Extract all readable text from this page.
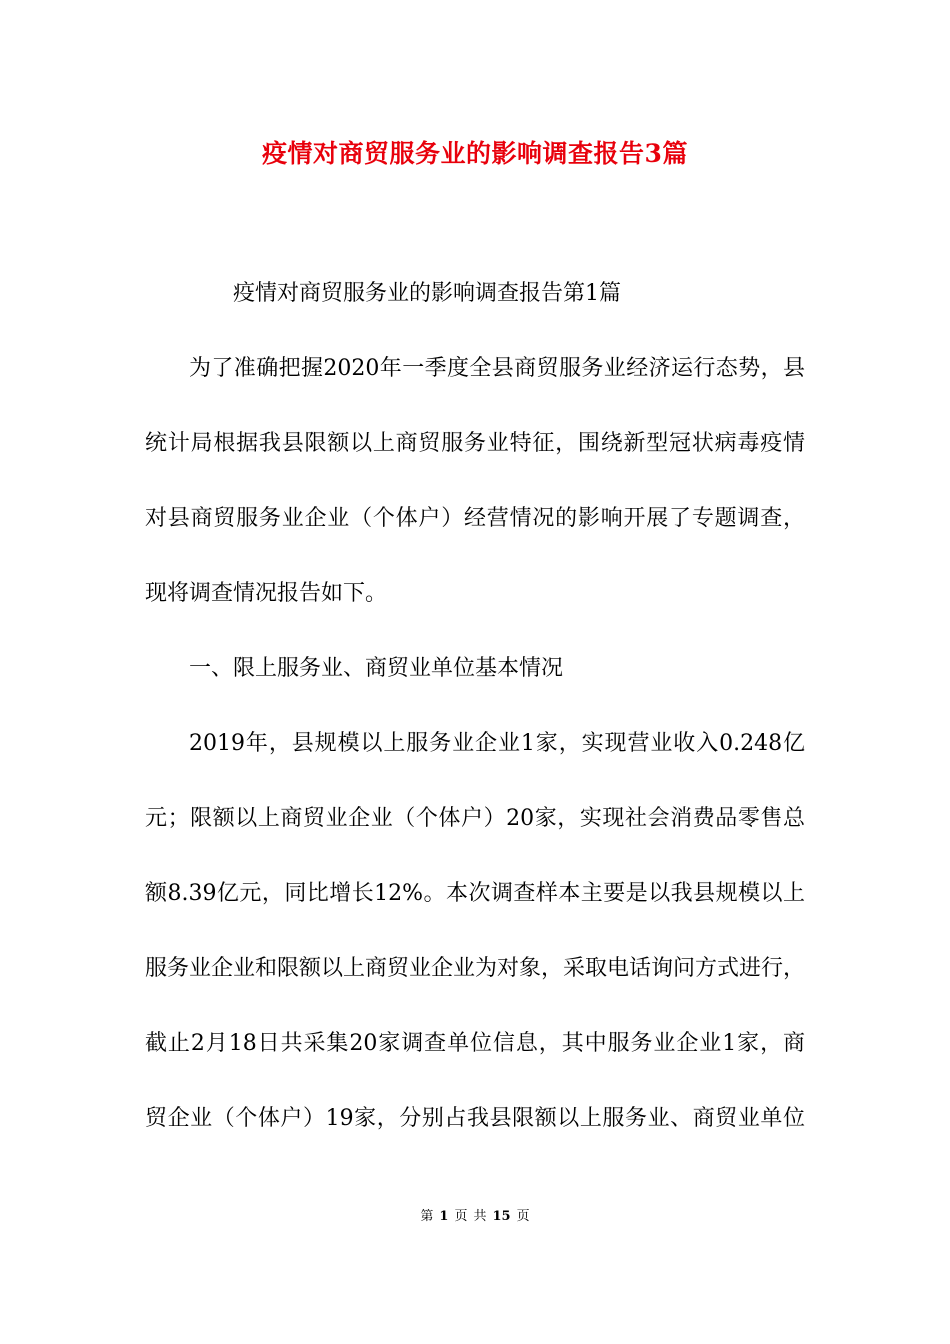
疫情对商贸服务业的影响调查报告3篇
疫情对商贸服务业的影响调查报告第1篇
为了准确把握2020年一季度全县商贸服务业经济运行态势，县
统计局根据我县限额以上商贸服务业特征，围绕新型冠状病毒疫情
对县商贸服务业企业（个体户）经营情况的影响开展了专题调查，
现将调查情况报告如下。
一、限上服务业、商贸业单位基本情况
2019年，县规模以上服务业企业1家，实现营业收入0.248亿
元；限额以上商贸业企业（个体户）20家，实现社会消费品零售总
额8.39亿元，同比增长12%。本次调查样本主要是以我县规模以上
服务业企业和限额以上商贸业企业为对象，采取电话询问方式进行，
截止2月18日共采集20家调查单位信息，其中服务业企业1家，商
贸企业（个体户）19家，分别占我县限额以上服务业、商贸业单位
第 1 页 共 15 页
